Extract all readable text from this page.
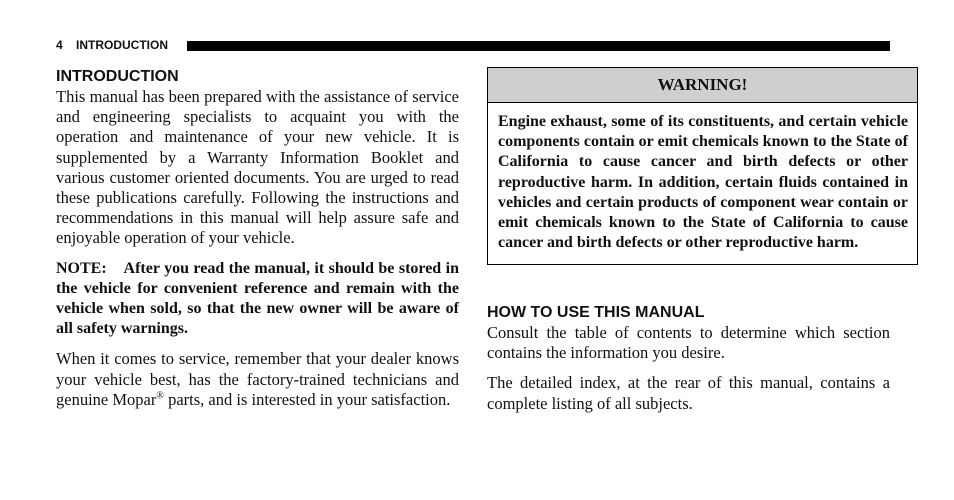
4 INTRODUCTION
INTRODUCTION

This manual has been prepared with the assistance of service and engineering specialists to acquaint you with the operation and maintenance of your new vehicle. It is supplemented by a Warranty Information Booklet and various customer oriented documents. You are urged to read these publications carefully. Following the instructions and recommendations in this manual will help assure safe and enjoyable operation of your vehicle.

NOTE: After you read the manual, it should be stored in the vehicle for convenient reference and remain with the vehicle when sold, so that the new owner will be aware of all safety warnings.

When it comes to service, remember that your dealer knows your vehicle best, has the factory-trained technicians and genuine Mopar® parts, and is interested in your satisfaction.

WARNING!
Engine exhaust, some of its constituents, and certain vehicle components contain or emit chemicals known to the State of California to cause cancer and birth defects or other reproductive harm. In addition, certain fluids contained in vehicles and certain products of component wear contain or emit chemicals known to the State of California to cause cancer and birth defects or other reproductive harm.
HOW TO USE THIS MANUAL

Consult the table of contents to determine which section contains the information you desire.

The detailed index, at the rear of this manual, contains a complete listing of all subjects.
